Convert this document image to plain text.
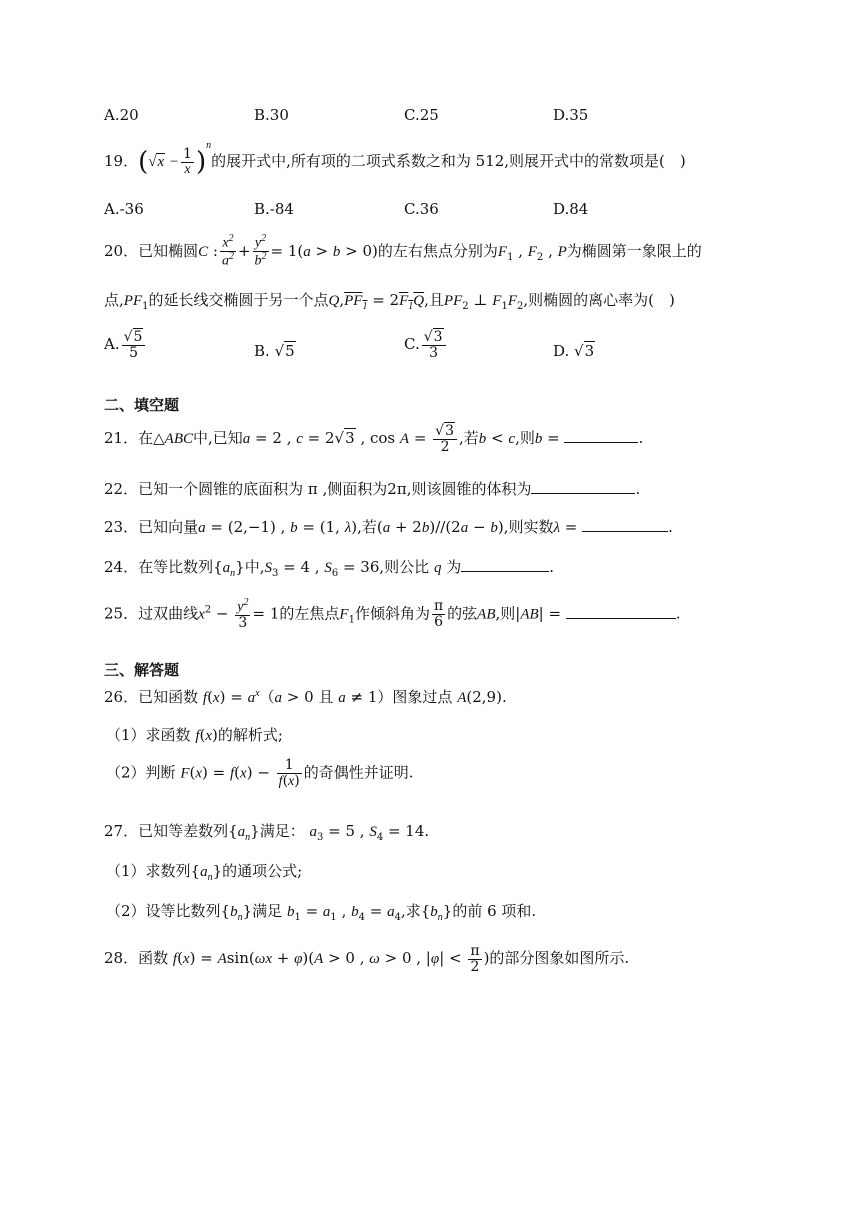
A.20	B.30	C.25	D.35
19．$(√x - \frac{1}{x} )^n$的展开式中,所有项的二项式系数之和为 512,则展开式中的常数项是(　)
A.-36	B.-84	C.36	D.84
20．已知椭圆C : $\frac{x^2}{a^2} + \frac{y^2}{b^2} = 1(a > b > 0)$的左右焦点分别为$F_1$ , $F_2$ , P为椭圆第一象限上的
点$,PF_1$的延长线交椭圆于另一个点$Q,PF_1 = 2F_1Q$,且$PF_2$ ⊥ $F_1F_2$,则椭圆的离心率为(　)
A. $\frac{√5}{5}$	B. √5	C. $\frac{√3}{3}$	D. √3
二、填空题
21．在△ABC中,已知a = 2 , c = 2√3 , $\cos A = \frac{√3}{2}$ ,若b < c,则b =	.
22．已知一个圆锥的底面积为 π ,侧面积为2π,则该圆锥的体积为	.
23．已知向量a = (2,−1) , b = (1, λ),若(a + 2b)//(2a − b),则实数λ =	.
24．在等比数列$\{a_n\}$中$,S_3 = 4$ , $S_6 = 36$,则公比 q 为	.
25．过双曲线$x^2 - \frac{y^2}{3} = 1$的左焦点$F_1$作倾斜角为 $\frac{\pi}{6}$ 的弦AB,则|AB| =	.
三、解答题
26．已知函数 $f(x) = a^x(a > 0$ 且 a ≠ 1）图象过点 A(2,9).
（1）求函数 f(x)的解析式;
（2）判断 $F(x) = f(x) - \frac{1}{f(x)}$ 的奇偶性并证明.
27．已知等差数列$\{a_n\}$满足： $a_3 = 5$ , $S_4 = 14$.
（1）求数列$\{a_n\}$的通项公式;
（2）设等比数列$\{b_n\}$满足 $b_1 = a_1$ , $b_4 = a_4$,求$\{b_n\}$的前 6 项和.
28．函数 f(x) = Asin(ωx + φ)(A > 0 , ω > 0 , $|\varphi| < \frac{\pi}{2}$ )的部分图象如图所示.
